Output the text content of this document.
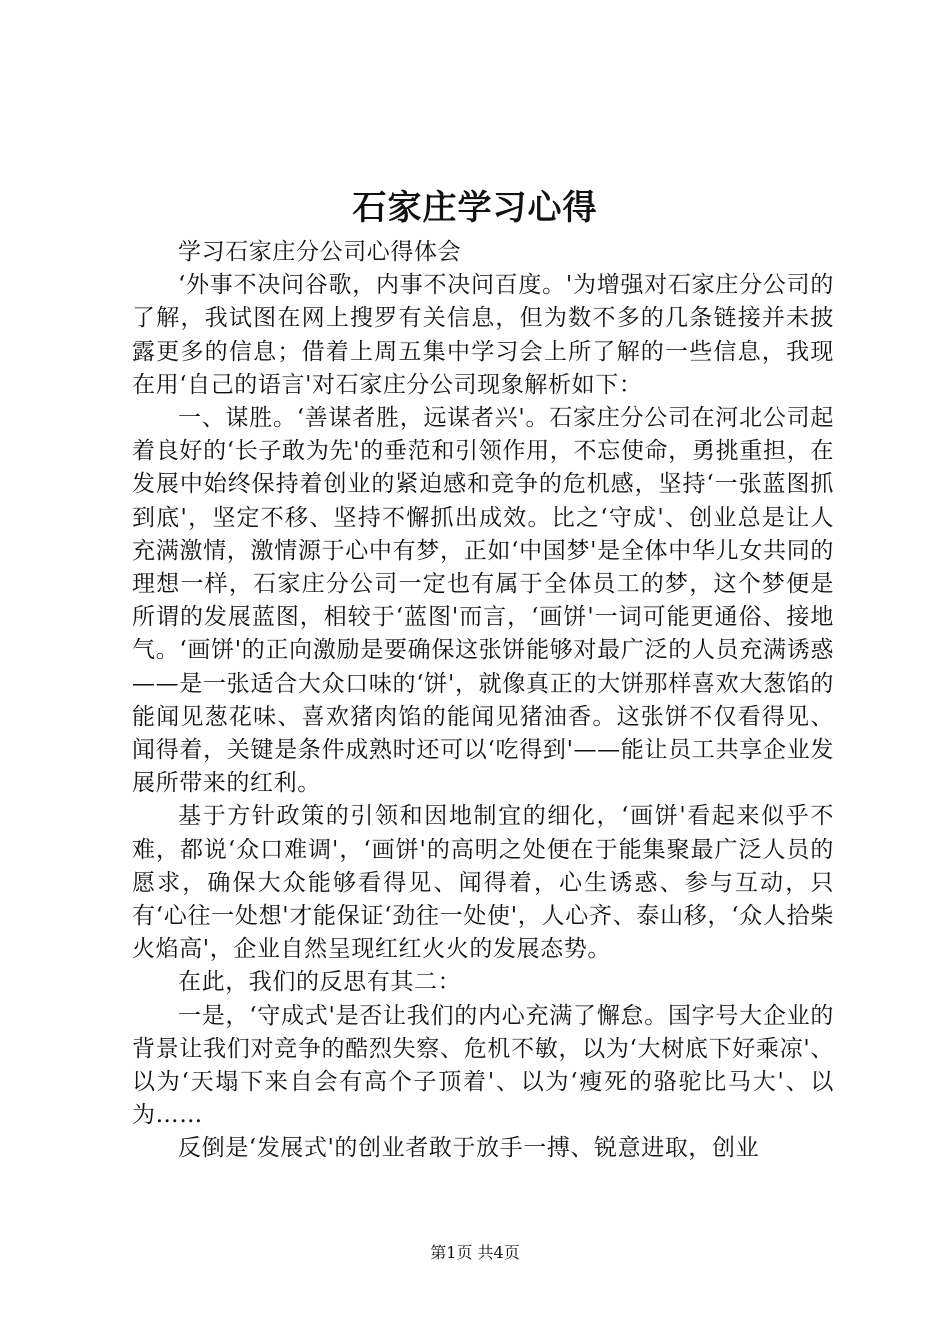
石家庄学习心得

学习石家庄分公司心得体会

‘外事不决问谷歌，内事不决问百度。'为增强对石家庄分公司的了解，我试图在网上搜罗有关信息，但为数不多的几条链接并未披露更多的信息；借着上周五集中学习会上所了解的一些信息，我现在用‘自己的语言'对石家庄分公司现象解析如下：

一、谋胜。‘善谋者胜，远谋者兴'。石家庄分公司在河北公司起着良好的‘长子敢为先'的垂范和引领作用，不忘使命，勇挑重担，在发展中始终保持着创业的紧迫感和竞争的危机感，坚持‘一张蓝图抓到底'，坚定不移、坚持不懈抓出成效。比之‘守成'、创业总是让人充满激情，激情源于心中有梦，正如‘中国梦'是全体中华儿女共同的理想一样，石家庄分公司一定也有属于全体员工的梦，这个梦便是所谓的发展蓝图，相较于‘蓝图'而言，‘画饼'一词可能更通俗、接地气。‘画饼'的正向激励是要确保这张饼能够对最广泛的人员充满诱惑——是一张适合大众口味的‘饼'，就像真正的大饼那样喜欢大葱馅的能闻见葱花味、喜欢猪肉馅的能闻见猪油香。这张饼不仅看得见、闻得着，关键是条件成熟时还可以‘吃得到'——能让员工共享企业发展所带来的红利。

基于方针政策的引领和因地制宜的细化，‘画饼'看起来似乎不难，都说‘众口难调'，‘画饼'的高明之处便在于能集聚最广泛人员的愿求，确保大众能够看得见、闻得着，心生诱惑、参与互动，只有‘心往一处想'才能保证‘劲往一处使'，人心齐、泰山移，‘众人拾柴火焰高'，企业自然呈现红红火火的发展态势。

在此，我们的反思有其二：

一是，‘守成式'是否让我们的内心充满了懈怠。国字号大企业的背景让我们对竞争的酷烈失察、危机不敏，以为‘大树底下好乘凉'、以为‘天塌下来自会有高个子顶着'、以为‘瘦死的骆驼比马大'、以为……

反倒是‘发展式'的创业者敢于放手一搏、锐意进取，创业

第1页 共4页
